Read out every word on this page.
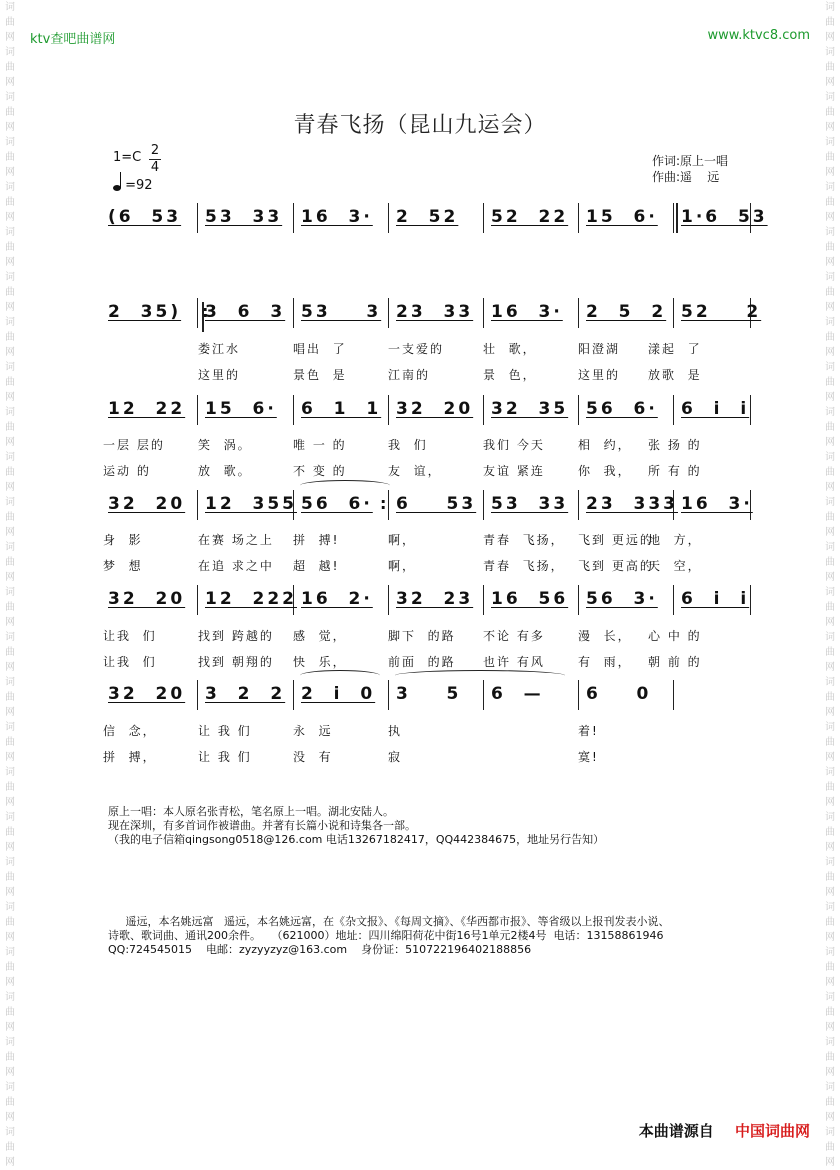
词
曲
网
词
曲
网
词
曲
网
词
曲
网
词
曲
网
词
曲
网
词
曲
网
词
曲
网
词
曲
网
词
曲
网
词
曲
网
词
曲
网
词
曲
网
词
曲
网
词
曲
网
词
曲
网
词
曲
网
词
曲
网
词
曲
网
词
曲
网
词
曲
网
词
曲
网
词
曲
网
词
曲
网
词
曲
网
词
曲
网
词
曲
网
词
曲
网
词
曲
网
词
曲
网
词
曲
网
词
曲
网
词
曲
网
词
曲
网
词
曲
网
词
曲
网
词
曲
网
词
曲
网
词
曲
网
词
曲
网
词
曲
网
词
曲
网
词
曲
网
词
曲
网
词
曲
网
词
曲
网
词
曲
网
词
曲
网
词
曲
网
词
曲
网
词
曲
网
词
曲
网
ktv查吧曲谱网	www.ktvc8.com
青春飞扬（昆山九运会）
1=C 2
4
=92
作词:原上一唱
作曲:遥    远
(6  53 53  33 16  3· 2  52 52  22 15  6· 1·6  53
:
2  35) 3  6  3 53    3 23  33 16  3· 2  5  2 52    2
12  22 15  6· 6  1  1 32  20 32  35 56  6· 6  i  i
:
32  20 12  355 56  6· 6    53 53  33 23  333 16  3·
32  20 12  222 16  2· 32  23 16  56 56  3· 6  i  i
32  20 3  2  2 2  i  0 3    5 6  — 6    0
娄江水	唱出  了	一支爱的	壮  歌，	阳澄湖 漾起  了
这里的	景色  是	江南的	景  色，	这里的 放歌  是
一层 层的	笑  涡。	唯 一 的	我  们	我们 今天	相  约， 张 扬 的
运动 的	放  歌。	不 变 的	友  谊，	友谊 紧连	你  我， 所 有 的
身  影	在赛 场之上 拼  搏!	啊，	青春  飞扬， 飞到 更远的
地  方，
梦  想	在追 求之中 超  越!	啊，	青春  飞扬， 飞到 更高的
天  空，
让我  们	找到 跨越的 感  觉，	脚下  的路 不论 有多	漫  长， 心 中 的
让我  们	找到 朝翔的 快  乐，	前面  的路 也许 有风	有  雨， 朝 前 的
信  念，	让 我 们	永  远	执	着!
拼  搏，	让 我 们	没  有	寂	寞!
原上一唱：本人原名张青松，笔名原上一唱。湖北安陆人。
现在深圳，有多首词作被谱曲。并著有长篇小说和诗集各一部。
（我的电子信箱qingsong0518@126.com 电话13267182417，QQ442384675，地址另行告知）
遥远，本名姚远富   遥远，本名姚远富，在《杂文报》、《每周文摘》、《华西都市报》、等省级以上报刊发表小说、
诗歌、歌词曲、通讯200余件。   （621000）地址：四川绵阳荷花中街16号1单元2楼4号  电话：13158861946
QQ:724545015    电邮：zyzyyzyz@163.com    身份证：510722196402188856
本曲谱源自 中国词曲网
